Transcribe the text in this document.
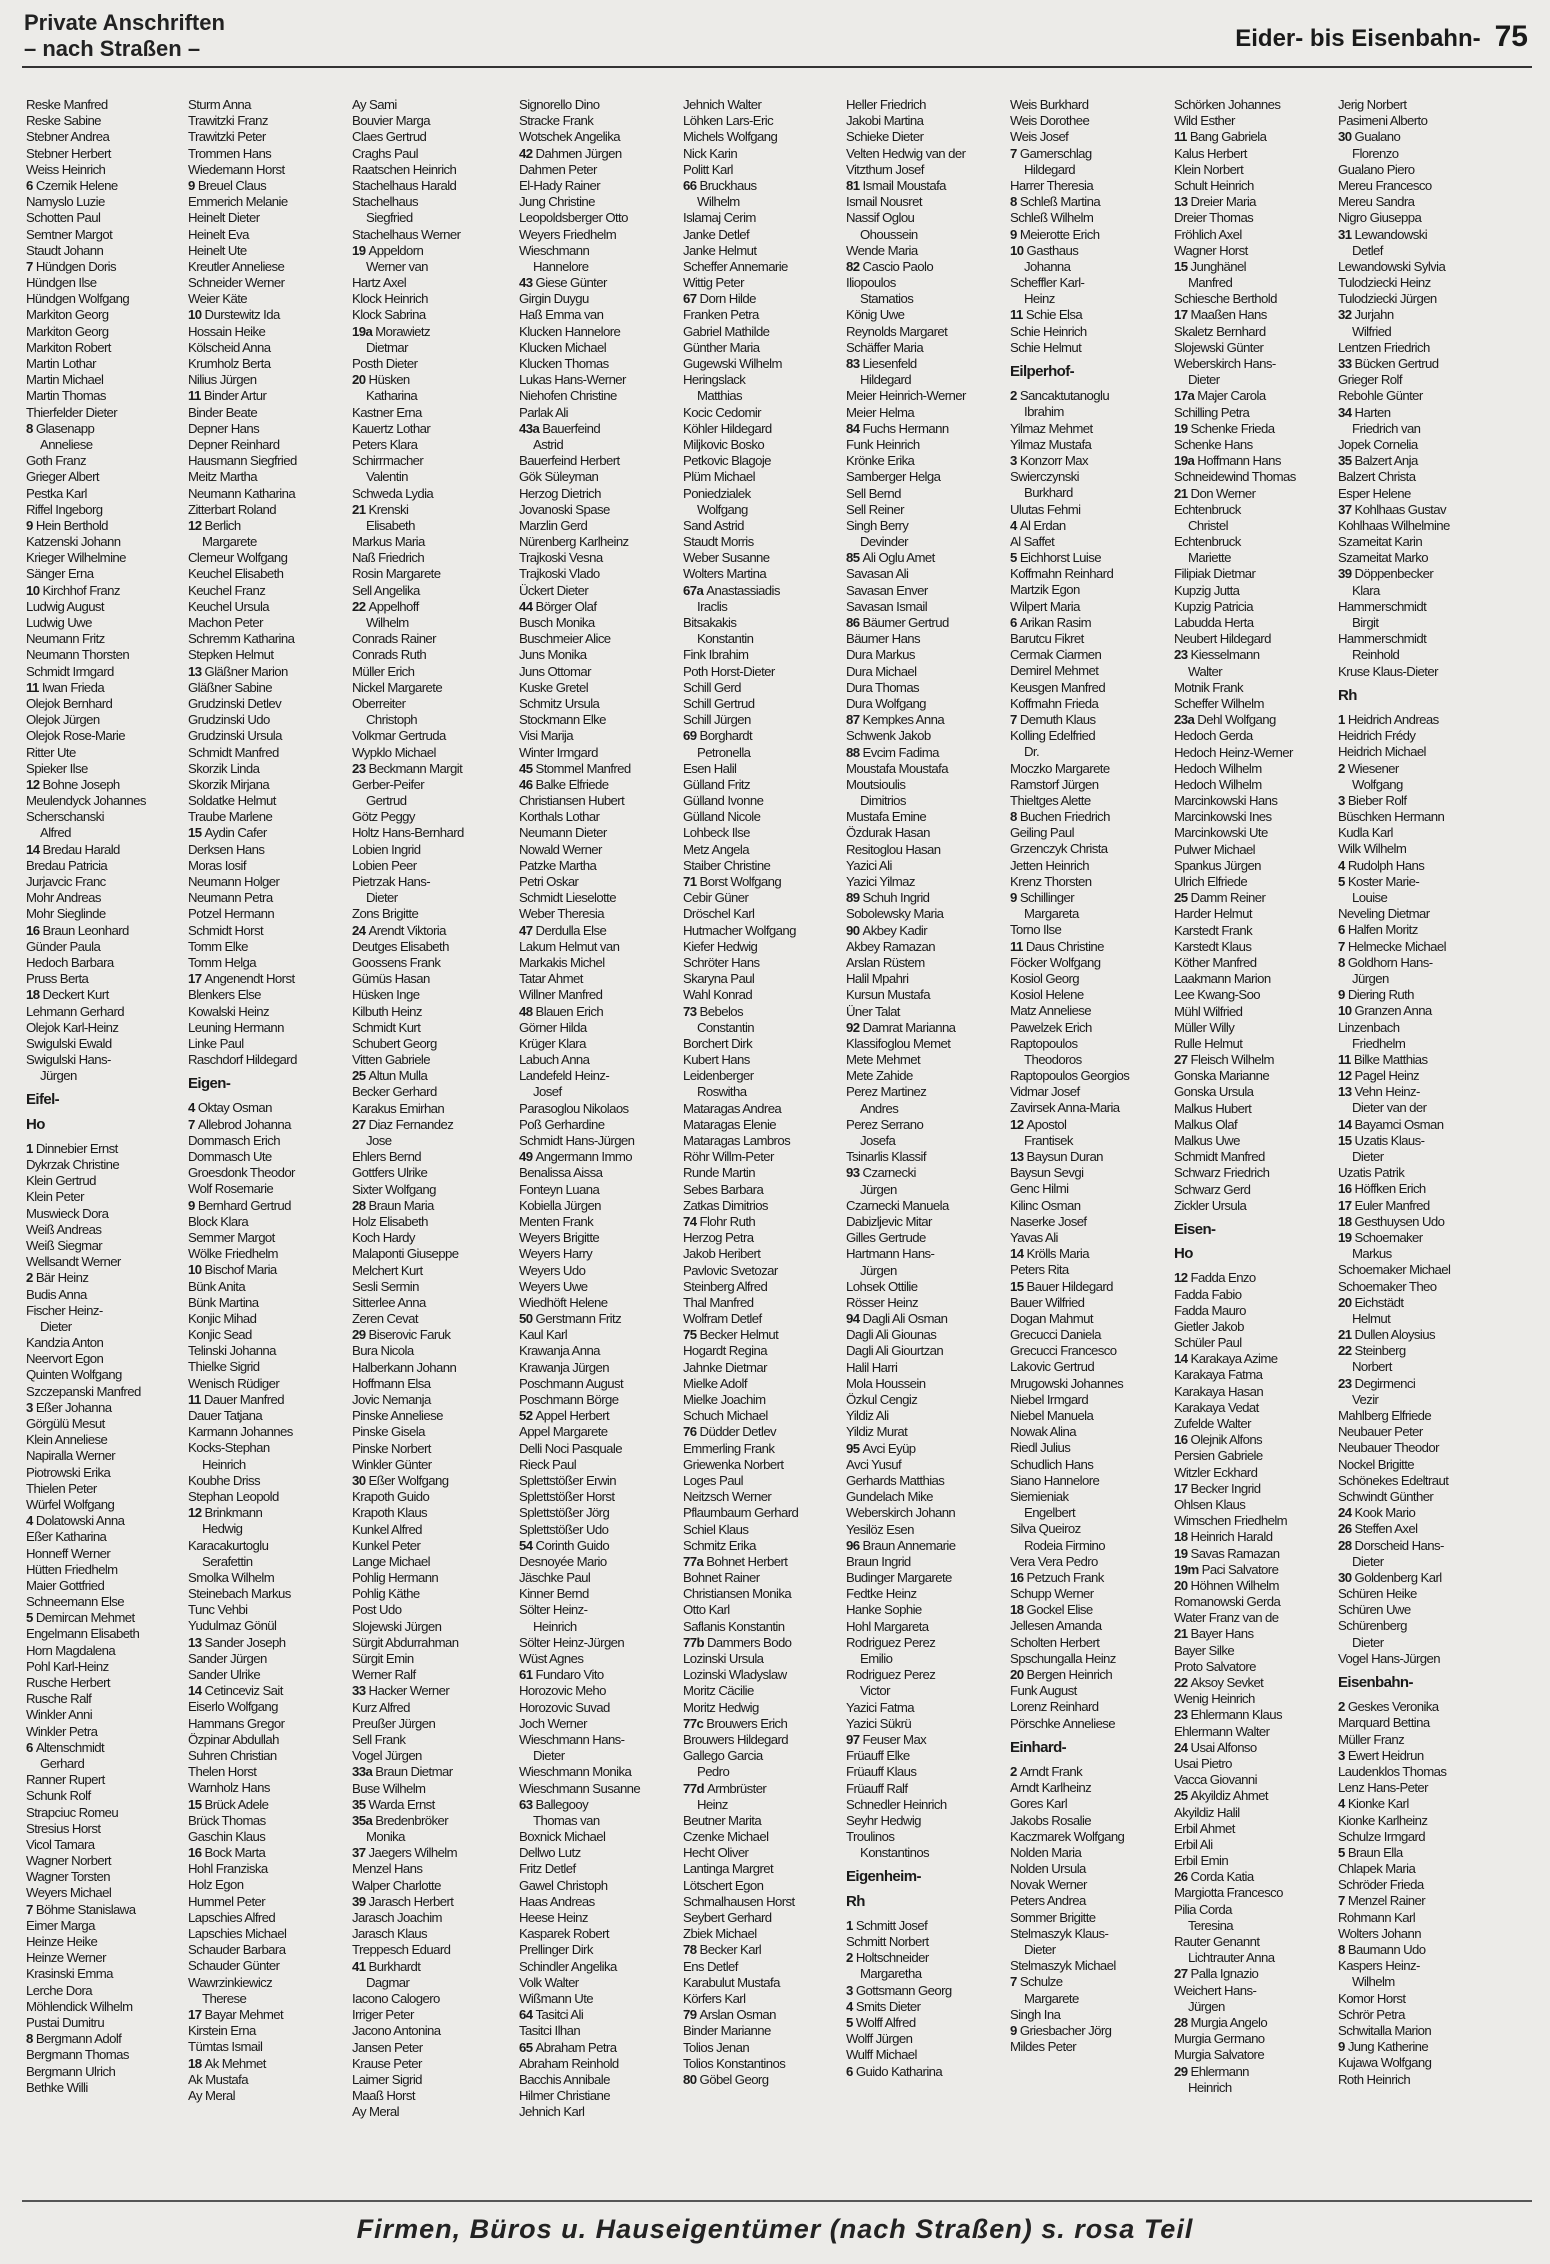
Private Anschriften
– nach Straßen –	Eider- bis Eisenbahn- 75
Reske Manfred
Reske Sabine
Stebner Andrea
Stebner Herbert
Weiss Heinrich
6 Czernik Helene
Namyslo Luzie
Schotten Paul
Semtner Margot
Staudt Johann
7 Hündgen Doris
Hündgen Ilse
Hündgen Wolfgang
Markiton Georg
Markiton Georg
Markiton Robert
Martin Lothar
Martin Michael
Martin Thomas
Thierfelder Dieter
8 Glasenapp
Anneliese
Goth Franz
Grieger Albert
Pestka Karl
Riffel Ingeborg
9 Hein Berthold
Katzenski Johann
Krieger Wilhelmine
Sänger Erna
10 Kirchhof Franz
Ludwig August
Ludwig Uwe
Neumann Fritz
Neumann Thorsten
Schmidt Irmgard
11 Iwan Frieda
Olejok Bernhard
Olejok Jürgen
Olejok Rose-Marie
Ritter Ute
Spieker Ilse
12 Bohne Joseph
Meulendyck Johannes
Scherschanski
Alfred
14 Bredau Harald
Bredau Patricia
Jurjavcic Franc
Mohr Andreas
Mohr Sieglinde
16 Braun Leonhard
Günder Paula
Hedoch Barbara
Pruss Berta
18 Deckert Kurt
Lehmann Gerhard
Olejok Karl-Heinz
Swigulski Ewald
Swigulski Hans-
Jürgen
Eifel-
Ho
1 Dinnebier Ernst
Dykrzak Christine
Klein Gertrud
Klein Peter
Muswieck Dora
Weiß Andreas
Weiß Siegmar
Wellsandt Werner
2 Bär Heinz
Budis Anna
Fischer Heinz-
Dieter
Kandzia Anton
Neervort Egon
Quinten Wolfgang
Szczepanski Manfred
3 Eßer Johanna
Görgülü Mesut
Klein Anneliese
Napiralla Werner
Piotrowski Erika
Thielen Peter
Würfel Wolfgang
4 Dolatowski Anna
Eßer Katharina
Honneff Werner
Hütten Friedhelm
Maier Gottfried
Schneemann Else
5 Demircan Mehmet
Engelmann Elisabeth
Horn Magdalena
Pohl Karl-Heinz
Rusche Herbert
Rusche Ralf
Winkler Anni
Winkler Petra
6 Altenschmidt
Gerhard
Ranner Rupert
Schunk Rolf
Strapciuc Romeu
Stresius Horst
Vicol Tamara
Wagner Norbert
Wagner Torsten
Weyers Michael
7 Böhme Stanislawa
Eimer Marga
Heinze Heike
Heinze Werner
Krasinski Emma
Lerche Dora
Möhlendick Wilhelm
Pustai Dumitru
8 Bergmann Adolf
Bergmann Thomas
Bergmann Ulrich
Bethke Willi
Sturm Anna
Trawitzki Franz
Trawitzki Peter
Trommen Hans
Wiedemann Horst
9 Breuel Claus
Emmerich Melanie
Heinelt Dieter
Heinelt Eva
Heinelt Ute
Kreutler Anneliese
Schneider Werner
Weier Käte
10 Durstewitz Ida
Hossain Heike
Kölscheid Anna
Krumholz Berta
Nilius Jürgen
11 Binder Artur
Binder Beate
Depner Hans
Depner Reinhard
Hausmann Siegfried
Meitz Martha
Neumann Katharina
Zitterbart Roland
12 Berlich
Margarete
Clemeur Wolfgang
Keuchel Elisabeth
Keuchel Franz
Keuchel Ursula
Machon Peter
Schremm Katharina
Stepken Helmut
13 Gläßner Marion
Gläßner Sabine
Grudzinski Detlev
Grudzinski Udo
Grudzinski Ursula
Schmidt Manfred
Skorzik Linda
Skorzik Mirjana
Soldatke Helmut
Traube Marlene
15 Aydin Cafer
Derksen Hans
Moras Iosif
Neumann Holger
Neumann Petra
Potzel Hermann
Schmidt Horst
Tomm Elke
Tomm Helga
17 Angenendt Horst
Blenkers Else
Kowalski Heinz
Leuning Hermann
Linke Paul
Raschdorf Hildegard
Eigen-
4 Oktay Osman
7 Allebrod Johanna
Dommasch Erich
Dommasch Ute
Groesdonk Theodor
Wolf Rosemarie
9 Bernhard Gertrud
Block Klara
Semmer Margot
Wölke Friedhelm
10 Bischof Maria
Bünk Anita
Bünk Martina
Konjic Mihad
Konjic Sead
Telinski Johanna
Thielke Sigrid
Wenisch Rüdiger
11 Dauer Manfred
Dauer Tatjana
Karmann Johannes
Kocks-Stephan
Heinrich
Koubhe Driss
Stephan Leopold
12 Brinkmann
Hedwig
Karacakurtoglu
Serafettin
Smolka Wilhelm
Steinebach Markus
Tunc Vehbi
Yudulmaz Gönül
13 Sander Joseph
Sander Jürgen
Sander Ulrike
14 Cetinceviz Sait
Eiserlo Wolfgang
Hammans Gregor
Özpinar Abdullah
Suhren Christian
Thelen Horst
Warnholz Hans
15 Brück Adele
Brück Thomas
Gaschin Klaus
16 Bock Marta
Hohl Franziska
Holz Egon
Hummel Peter
Lapschies Alfred
Lapschies Michael
Schauder Barbara
Schauder Günter
Wawrzinkiewicz
Therese
17 Bayar Mehmet
Kirstein Erna
Tümtas Ismail
18 Ak Mehmet
Ak Mustafa
Ay Meral
Ay Sami
Bouvier Marga
Claes Gertrud
Craghs Paul
Raatschen Heinrich
Stachelhaus Harald
Stachelhaus
Siegfried
Stachelhaus Werner
19 Appeldorn
Werner van
Hartz Axel
Klock Heinrich
Klock Sabrina
19a Morawietz
Dietmar
Posth Dieter
20 Hüsken
Katharina
Kastner Erna
Kauertz Lothar
Peters Klara
Schirrmacher
Valentin
Schweda Lydia
21 Krenski
Elisabeth
Markus Maria
Naß Friedrich
Rosin Margarete
Sell Angelika
22 Appelhoff
Wilhelm
Conrads Rainer
Conrads Ruth
Müller Erich
Nickel Margarete
Oberreiter
Christoph
Volkmar Gertruda
Wypklo Michael
23 Beckmann Margit
Gerber-Peifer
Gertrud
Götz Peggy
Holtz Hans-Bernhard
Lobien Ingrid
Lobien Peer
Pietrzak Hans-
Dieter
Zons Brigitte
24 Arendt Viktoria
Deutges Elisabeth
Goossens Frank
Gümüs Hasan
Hüsken Inge
Kilbuth Heinz
Schmidt Kurt
Schubert Georg
Vitten Gabriele
25 Altun Mulla
Becker Gerhard
Karakus Emirhan
27 Diaz Fernandez
Jose
Ehlers Bernd
Gottfers Ulrike
Sixter Wolfgang
28 Braun Maria
Holz Elisabeth
Koch Hardy
Malaponti Giuseppe
Melchert Kurt
Sesli Sermin
Sitterlee Anna
Zeren Cevat
29 Biserovic Faruk
Bura Nicola
Halberkann Johann
Hoffmann Elsa
Jovic Nemanja
Pinske Anneliese
Pinske Gisela
Pinske Norbert
Winkler Günter
30 Eßer Wolfgang
Krapoth Guido
Krapoth Klaus
Kunkel Alfred
Kunkel Peter
Lange Michael
Pohlig Hermann
Pohlig Käthe
Post Udo
Slojewski Jürgen
Sürgit Abdurrahman
Sürgit Emin
Werner Ralf
33 Hacker Werner
Kurz Alfred
Preußer Jürgen
Sell Frank
Vogel Jürgen
33a Braun Dietmar
Buse Wilhelm
35 Warda Ernst
35a Bredenbröker
Monika
37 Jaegers Wilhelm
Menzel Hans
Walper Charlotte
39 Jarasch Herbert
Jarasch Joachim
Jarasch Klaus
Treppesch Eduard
41 Burkhardt
Dagmar
Iacono Calogero
Irriger Peter
Jacono Antonina
Jansen Peter
Krause Peter
Laimer Sigrid
Maaß Horst
Ay Meral
Signorello Dino
Stracke Frank
Wotschek Angelika
42 Dahmen Jürgen
Dahmen Peter
El-Hady Rainer
Jung Christine
Leopoldsberger Otto
Weyers Friedhelm
Wieschmann
Hannelore
43 Giese Günter
Girgin Duygu
Haß Emma van
Klucken Hannelore
Klucken Michael
Klucken Thomas
Lukas Hans-Werner
Niehofen Christine
Parlak Ali
43a Bauerfeind
Astrid
Bauerfeind Herbert
Gök Süleyman
Herzog Dietrich
Jovanoski Spase
Marzlin Gerd
Nürenberg Karlheinz
Trajkoski Vesna
Trajkoski Vlado
Ückert Dieter
44 Börger Olaf
Busch Monika
Buschmeier Alice
Juns Monika
Juns Ottomar
Kuske Gretel
Schmitz Ursula
Stockmann Elke
Visi Marija
Winter Irmgard
45 Stommel Manfred
46 Balke Elfriede
Christiansen Hubert
Korthals Lothar
Neumann Dieter
Nowald Werner
Patzke Martha
Petri Oskar
Schmidt Lieselotte
Weber Theresia
47 Derdulla Else
Lakum Helmut van
Markakis Michel
Tatar Ahmet
Willner Manfred
48 Blauen Erich
Görner Hilda
Krüger Klara
Labuch Anna
Landefeld Heinz-
Josef
Parasoglou Nikolaos
Poß Gerhardine
Schmidt Hans-Jürgen
49 Angermann Immo
Benalissa Aissa
Fonteyn Luana
Kobiella Jürgen
Menten Frank
Weyers Brigitte
Weyers Harry
Weyers Udo
Weyers Uwe
Wiedhöft Helene
50 Gerstmann Fritz
Kaul Karl
Krawanja Anna
Krawanja Jürgen
Poschmann August
Poschmann Börge
52 Appel Herbert
Appel Margarete
Delli Noci Pasquale
Rieck Paul
Splettstößer Erwin
Splettstößer Horst
Splettstößer Jörg
Splettstößer Udo
54 Corinth Guido
Desnoyée Mario
Jäschke Paul
Kinner Bernd
Sölter Heinz-
Heinrich
Sölter Heinz-Jürgen
Wüst Agnes
61 Fundaro Vito
Horozovic Meho
Horozovic Suvad
Joch Werner
Wieschmann Hans-
Dieter
Wieschmann Monika
Wieschmann Susanne
63 Ballegooy
Thomas van
Boxnick Michael
Dellwo Lutz
Fritz Detlef
Gawel Christoph
Haas Andreas
Heese Heinz
Kasparek Robert
Prellinger Dirk
Schindler Angelika
Volk Walter
Wißmann Ute
64 Tasitci Ali
Tasitci Ilhan
65 Abraham Petra
Abraham Reinhold
Bacchis Annibale
Hilmer Christiane
Jehnich Karl
Jehnich Walter
Löhken Lars-Eric
Michels Wolfgang
Nick Karin
Politt Karl
66 Bruckhaus
Wilhelm
Islamaj Cerim
Janke Detlef
Janke Helmut
Scheffer Annemarie
Wittig Peter
67 Dorn Hilde
Franken Petra
Gabriel Mathilde
Günther Maria
Gugewski Wilhelm
Heringslack
Matthias
Kocic Cedomir
Köhler Hildegard
Miljkovic Bosko
Petkovic Blagoje
Plüm Michael
Poniedzialek
Wolfgang
Sand Astrid
Staudt Morris
Weber Susanne
Wolters Martina
67a Anastassiadis
Iraclis
Bitsakakis
Konstantin
Fink Ibrahim
Poth Horst-Dieter
Schill Gerd
Schill Gertrud
Schill Jürgen
69 Borghardt
Petronella
Esen Halil
Gülland Fritz
Gülland Ivonne
Gülland Nicole
Lohbeck Ilse
Metz Angela
Staiber Christine
71 Borst Wolfgang
Cebir Güner
Dröschel Karl
Hutmacher Wolfgang
Kiefer Hedwig
Schröter Hans
Skaryna Paul
Wahl Konrad
73 Bebelos
Constantin
Borchert Dirk
Kubert Hans
Leidenberger
Roswitha
Mataragas Andrea
Mataragas Elenie
Mataragas Lambros
Röhr Willm-Peter
Runde Martin
Sebes Barbara
Zatkas Dimitrios
74 Flohr Ruth
Herzog Petra
Jakob Heribert
Pavlovic Svetozar
Steinberg Alfred
Thal Manfred
Wolfram Detlef
75 Becker Helmut
Hogardt Regina
Jahnke Dietmar
Mielke Adolf
Mielke Joachim
Schuch Michael
76 Düdder Detlev
Emmerling Frank
Griewenka Norbert
Loges Paul
Neitzsch Werner
Pflaumbaum Gerhard
Schiel Klaus
Schmitz Erika
77a Bohnet Herbert
Bohnet Rainer
Christiansen Monika
Otto Karl
Saflanis Konstantin
77b Dammers Bodo
Lozinski Ursula
Lozinski Wladyslaw
Moritz Cäcilie
Moritz Hedwig
77c Brouwers Erich
Brouwers Hildegard
Gallego Garcia
Pedro
77d Armbrüster
Heinz
Beutner Marita
Czenke Michael
Hecht Oliver
Lantinga Margret
Lötschert Egon
Schmalhausen Horst
Seybert Gerhard
Zbiek Michael
78 Becker Karl
Ens Detlef
Karabulut Mustafa
Körfers Karl
79 Arslan Osman
Binder Marianne
Tolios Jenan
Tolios Konstantinos
80 Göbel Georg
Heller Friedrich
Jakobi Martina
Schieke Dieter
Velten Hedwig van der
Vitzthum Josef
81 Ismail Moustafa
Ismail Nousret
Nassif Oglou
Ohoussein
Wende Maria
82 Cascio Paolo
Iliopoulos
Stamatios
König Uwe
Reynolds Margaret
Schäffer Maria
83 Liesenfeld
Hildegard
Meier Heinrich-Werner
Meier Helma
84 Fuchs Hermann
Funk Heinrich
Krönke Erika
Samberger Helga
Sell Bernd
Sell Reiner
Singh Berry
Devinder
85 Ali Oglu Amet
Savasan Ali
Savasan Enver
Savasan Ismail
86 Bäumer Gertrud
Bäumer Hans
Dura Markus
Dura Michael
Dura Thomas
Dura Wolfgang
87 Kempkes Anna
Schwenk Jakob
88 Evcim Fadima
Moustafa Moustafa
Moutsioulis
Dimitrios
Mustafa Emine
Özdurak Hasan
Resitoglou Hasan
Yazici Ali
Yazici Yilmaz
89 Schuh Ingrid
Sobolewsky Maria
90 Akbey Kadir
Akbey Ramazan
Arslan Rüstem
Halil Mpahri
Kursun Mustafa
Üner Talat
92 Damrat Marianna
Klassifoglou Memet
Mete Mehmet
Mete Zahide
Perez Martinez
Andres
Perez Serrano
Josefa
Tsinarlis Klassif
93 Czarnecki
Jürgen
Czarnecki Manuela
Dabizljevic Mitar
Gilles Gertrude
Hartmann Hans-
Jürgen
Lohsek Ottilie
Rösser Heinz
94 Dagli Ali Osman
Dagli Ali Giounas
Dagli Ali Giourtzan
Halil Harri
Mola Houssein
Özkul Cengiz
Yildiz Ali
Yildiz Murat
95 Avci Eyüp
Avci Yusuf
Gerhards Matthias
Gundelach Mike
Weberskirch Johann
Yesilöz Esen
96 Braun Annemarie
Braun Ingrid
Budinger Margarete
Fedtke Heinz
Hanke Sophie
Hohl Margareta
Rodriguez Perez
Emilio
Rodriguez Perez
Victor
Yazici Fatma
Yazici Sükrü
97 Feuser Max
Früauff Elke
Früauff Klaus
Früauff Ralf
Schnedler Heinrich
Seyhr Hedwig
Troulinos
Konstantinos
Eigenheim-
Rh
1 Schmitt Josef
Schmitt Norbert
2 Holtschneider
Margaretha
3 Gottsmann Georg
4 Smits Dieter
5 Wolff Alfred
Wolff Jürgen
Wulff Michael
6 Guido Katharina
Weis Burkhard
Weis Dorothee
Weis Josef
7 Gamerschlag
Hildegard
Harrer Theresia
8 Schleß Martina
Schleß Wilhelm
9 Meierotte Erich
10 Gasthaus
Johanna
Scheffler Karl-
Heinz
11 Schie Elsa
Schie Heinrich
Schie Helmut
Eilperhof-
2 Sancaktutanoglu
Ibrahim
Yilmaz Mehmet
Yilmaz Mustafa
3 Konzorr Max
Swierczynski
Burkhard
Ulutas Fehmi
4 Al Erdan
Al Saffet
5 Eichhorst Luise
Koffmahn Reinhard
Martzik Egon
Wilpert Maria
6 Arikan Rasim
Barutcu Fikret
Cermak Ciarmen
Demirel Mehmet
Keusgen Manfred
Koffmahn Frieda
7 Demuth Klaus
Kolling Edelfried
Dr.
Moczko Margarete
Ramstorf Jürgen
Thieltges Alette
8 Buchen Friedrich
Geiling Paul
Grzenczyk Christa
Jetten Heinrich
Krenz Thorsten
9 Schillinger
Margareta
Torno Ilse
11 Daus Christine
Föcker Wolfgang
Kosiol Georg
Kosiol Helene
Matz Anneliese
Pawelzek Erich
Raptopoulos
Theodoros
Raptopoulos Georgios
Vidmar Josef
Zavirsek Anna-Maria
12 Apostol
Frantisek
13 Baysun Duran
Baysun Sevgi
Genc Hilmi
Kilinc Osman
Naserke Josef
Yavas Ali
14 Krölls Maria
Peters Rita
15 Bauer Hildegard
Bauer Wilfried
Dogan Mahmut
Grecucci Daniela
Grecucci Francesco
Lakovic Gertrud
Mrugowski Johannes
Niebel Irmgard
Niebel Manuela
Nowak Alina
Riedl Julius
Schudlich Hans
Siano Hannelore
Siemieniak
Engelbert
Silva Queiroz
Rodeia Firmino
Vera Vera Pedro
16 Petzuch Frank
Schupp Werner
18 Gockel Elise
Jellesen Amanda
Scholten Herbert
Spschungalla Heinz
20 Bergen Heinrich
Funk August
Lorenz Reinhard
Pörschke Anneliese
Einhard-
2 Arndt Frank
Arndt Karlheinz
Gores Karl
Jakobs Rosalie
Kaczmarek Wolfgang
Nolden Maria
Nolden Ursula
Novak Werner
Peters Andrea
Sommer Brigitte
Stelmaszyk Klaus-
Dieter
Stelmaszyk Michael
7 Schulze
Margarete
Singh Ina
9 Griesbacher Jörg
Mildes Peter
Schörken Johannes
Wild Esther
11 Bang Gabriela
Kalus Herbert
Klein Norbert
Schult Heinrich
13 Dreier Maria
Dreier Thomas
Fröhlich Axel
Wagner Horst
15 Junghänel
Manfred
Schiesche Berthold
17 Maaßen Hans
Skaletz Bernhard
Slojewski Günter
Weberskirch Hans-
Dieter
17a Majer Carola
Schilling Petra
19 Schenke Frieda
Schenke Hans
19a Hoffmann Hans
Schneidewind Thomas
21 Don Werner
Echtenbruck
Christel
Echtenbruck
Mariette
Filipiak Dietmar
Kupzig Jutta
Kupzig Patricia
Labudda Herta
Neubert Hildegard
23 Kiesselmann
Walter
Motnik Frank
Scheffer Wilhelm
23a Dehl Wolfgang
Hedoch Gerda
Hedoch Heinz-Werner
Hedoch Wilhelm
Hedoch Wilhelm
Marcinkowski Hans
Marcinkowski Ines
Marcinkowski Ute
Pulwer Michael
Spankus Jürgen
Ulrich Elfriede
25 Damm Reiner
Harder Helmut
Karstedt Frank
Karstedt Klaus
Köther Manfred
Laakmann Marion
Lee Kwang-Soo
Mühl Wilfried
Müller Willy
Rulle Helmut
27 Fleisch Wilhelm
Gonska Marianne
Gonska Ursula
Malkus Hubert
Malkus Olaf
Malkus Uwe
Schmidt Manfred
Schwarz Friedrich
Schwarz Gerd
Zickler Ursula
Eisen-
Ho
12 Fadda Enzo
Fadda Fabio
Fadda Mauro
Gietler Jakob
Schüler Paul
14 Karakaya Azime
Karakaya Fatma
Karakaya Hasan
Karakaya Vedat
Zufelde Walter
16 Olejnik Alfons
Persien Gabriele
Witzler Eckhard
17 Becker Ingrid
Ohlsen Klaus
Wimschen Friedhelm
18 Heinrich Harald
19 Savas Ramazan
19m Paci Salvatore
20 Höhnen Wilhelm
Romanowski Gerda
Water Franz van de
21 Bayer Hans
Bayer Silke
Proto Salvatore
22 Aksoy Sevket
Wenig Heinrich
23 Ehlermann Klaus
Ehlermann Walter
24 Usai Alfonso
Usai Pietro
Vacca Giovanni
25 Akyildiz Ahmet
Akyildiz Halil
Erbil Ahmet
Erbil Ali
Erbil Emin
26 Corda Katia
Margiotta Francesco
Pilia Corda
Teresina
Rauter Genannt
Lichtrauter Anna
27 Palla Ignazio
Weichert Hans-
Jürgen
28 Murgia Angelo
Murgia Germano
Murgia Salvatore
29 Ehlermann
Heinrich
Jerig Norbert
Pasimeni Alberto
30 Gualano
Florenzo
Gualano Piero
Mereu Francesco
Mereu Sandra
Nigro Giuseppa
31 Lewandowski
Detlef
Lewandowski Sylvia
Tulodziecki Heinz
Tulodziecki Jürgen
32 Jurjahn
Wilfried
Lentzen Friedrich
33 Bücken Gertrud
Grieger Rolf
Rebohle Günter
34 Harten
Friedrich van
Jopek Cornelia
35 Balzert Anja
Balzert Christa
Esper Helene
37 Kohlhaas Gustav
Kohlhaas Wilhelmine
Szameitat Karin
Szameitat Marko
39 Döppenbecker
Klara
Hammerschmidt
Birgit
Hammerschmidt
Reinhold
Kruse Klaus-Dieter
Rh
1 Heidrich Andreas
Heidrich Frédy
Heidrich Michael
2 Wiesener
Wolfgang
3 Bieber Rolf
Büschken Hermann
Kudla Karl
Wilk Wilhelm
4 Rudolph Hans
5 Koster Marie-
Louise
Neveling Dietmar
6 Halfen Moritz
7 Helmecke Michael
8 Goldhorn Hans-
Jürgen
9 Diering Ruth
10 Granzen Anna
Linzenbach
Friedhelm
11 Bilke Matthias
12 Pagel Heinz
13 Vehn Heinz-
Dieter van der
14 Bayamci Osman
15 Uzatis Klaus-
Dieter
Uzatis Patrik
16 Höffken Erich
17 Euler Manfred
18 Gesthuysen Udo
19 Schoemaker
Markus
Schoemaker Michael
Schoemaker Theo
20 Eichstädt
Helmut
21 Dullen Aloysius
22 Steinberg
Norbert
23 Degirmenci
Vezir
Mahlberg Elfriede
Neubauer Peter
Neubauer Theodor
Nockel Brigitte
Schönekes Edeltraut
Schwindt Günther
24 Kook Mario
26 Steffen Axel
28 Dorscheid Hans-
Dieter
30 Goldenberg Karl
Schüren Heike
Schüren Uwe
Schürenberg
Dieter
Vogel Hans-Jürgen
Eisenbahn-
2 Geskes Veronika
Marquard Bettina
Müller Franz
3 Ewert Heidrun
Laudenklos Thomas
Lenz Hans-Peter
4 Kionke Karl
Kionke Karlheinz
Schulze Irmgard
5 Braun Ella
Chlapek Maria
Schröder Frieda
7 Menzel Rainer
Rohmann Karl
Wolters Johann
8 Baumann Udo
Kaspers Heinz-
Wilhelm
Komor Horst
Schrör Petra
Schwitalla Marion
9 Jung Katherine
Kujawa Wolfgang
Roth Heinrich
Firmen, Büros u. Hauseigentümer (nach Straßen) s. rosa Teil
